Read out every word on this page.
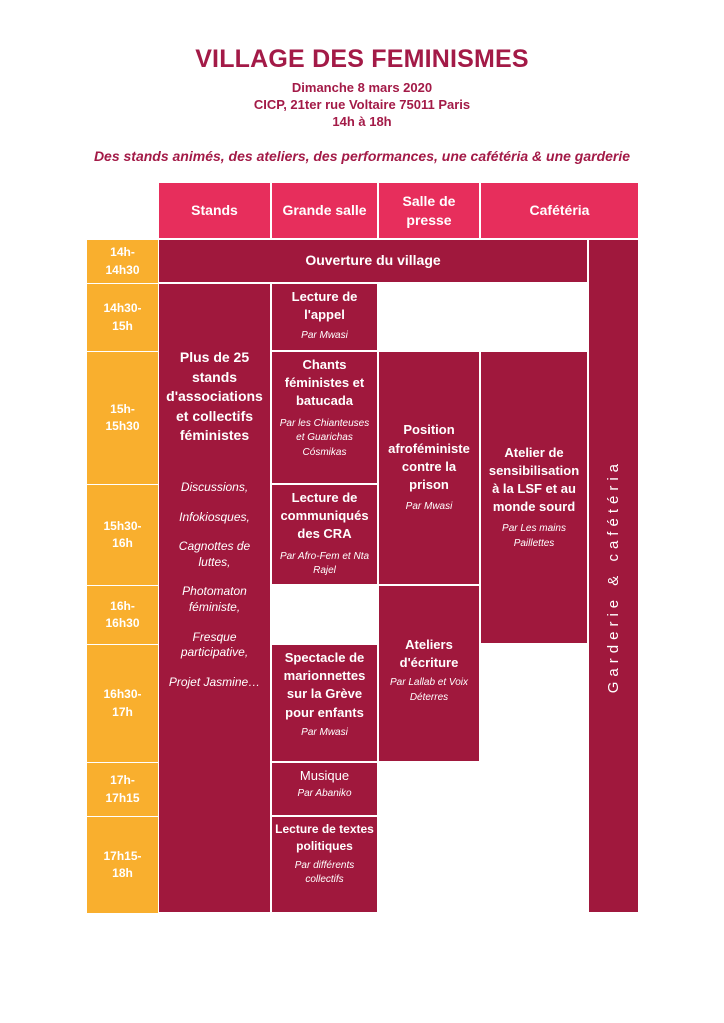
VILLAGE DES FEMINISMES
Dimanche 8 mars 2020
CICP, 21ter rue Voltaire 75011 Paris
14h à 18h
Des stands animés, des ateliers, des performances, une cafétéria & une garderie
Stands	Grande salle
Salle de presse
Cafétéria
14h- 14h30
14h30- 15h
15h- 15h30
15h30- 16h
16h- 16h30
16h30- 17h
17h- 17h15
17h15- 18h
Ouverture du village
Plus de 25 stands d'associations et collectifs féministes
Discussions,
Infokiosques,
Cagnottes de luttes,
Photomaton féministe,
Fresque participative,
Projet Jasmine…
Lecture de l'appel
Par Mwasi
Chants féministes et batucada
Par les Chianteuses et Guarichas Cósmikas
Lecture de communiqués des CRA
Par Afro-Fem et Nta Rajel
Spectacle de marionnettes sur la Grève pour enfants
Par Mwasi
Musique
Par Abaniko
Lecture de textes politiques
Par différents collectifs
Position afroféministe contre la prison
Par Mwasi
Ateliers d'écriture
Par Lallab et Voix Déterres
Atelier de sensibilisation à la LSF et au monde sourd
Par Les mains Paillettes	Garderie & cafétéria
